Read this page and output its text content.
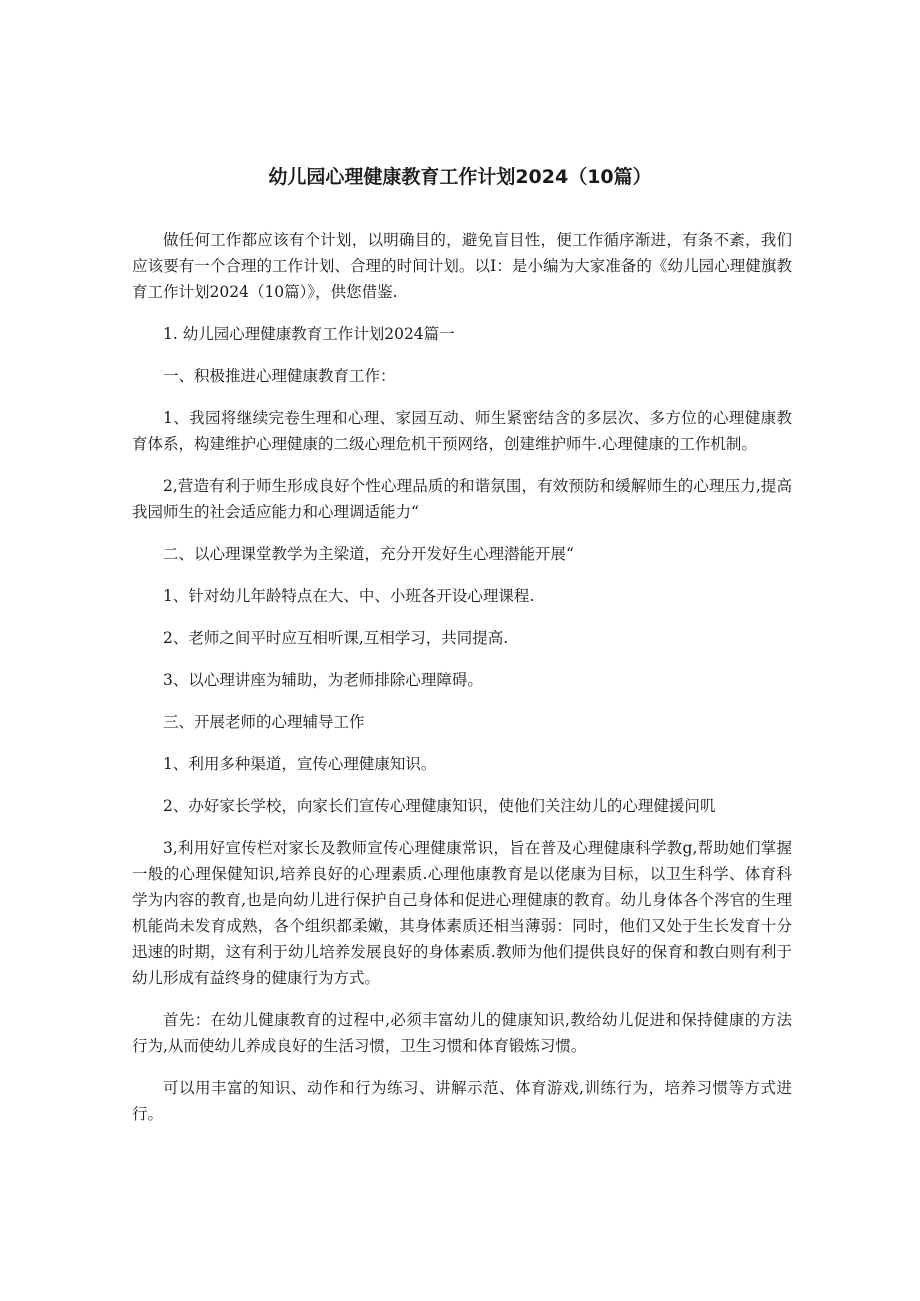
幼儿园心理健康教育工作计划2024（10篇）

做任何工作都应该有个计划，以明确目的，避免盲目性，便工作循序渐进，有条不紊，我们应该要有一个合理的工作计划、合理的时间计划。以I：是小编为大家准备的《幼儿园心理健旗教育工作计划2024（10篇）》，供您借鉴.

1. 幼儿园心理健康教育工作计划2024篇一

一、积极推进心理健康教育工作：

1、我园将继续完卷生理和心理、家园互动、师生紧密结含的多层次、多方位的心理健康教育体系，构建维护心理健康的二级心理危机干预网络，创建维护师牛.心理健康的工作机制。

2,营造有利于师生形成良好个性心理品质的和谐氛围，有效预防和缓解师生的心理压力,提高我园师生的社会适应能力和心理调适能力“

二、以心理课堂教学为主梁道，充分开发好生心理潜能开展“

1、针对幼儿年龄特点在大、中、小班各开设心理课程.

2、老师之间平时应互相听课,互相学习，共同提高.

3、以心理讲座为辅助，为老师排除心理障碍。

三、开展老师的心理辅导工作

1、利用多种渠道，宣传心理健康知识。

2、办好家长学校，向家长们宣传心理健康知识，使他们关注幼儿的心理健援问叽

3,利用好宣传栏对家长及教师宣传心理健康常识，旨在普及心理健康科学教g,帮助她们掌握一般的心理保健知识,培养良好的心理素质.心理他康教育是以佬康为目标，以卫生科学、体育科学为内容的教育,也是向幼儿进行保护自己身体和促进心理健康的教育。幼儿身体各个涔官的生理机能尚未发育成熟，各个组织都柔嫩，其身体素质还相当薄弱：同时，他们又处于生长发育十分迅速的时期，这有利于幼儿培养发展良好的身体素质.教师为他们提供良好的保育和教白则有利于幼儿形成有益终身的健康行为方式。

首先：在幼儿健康教育的过程中,必须丰富幼儿的健康知识,教给幼儿促进和保持健康的方法行为,从而使幼儿养成良好的生活习惯，卫生习惯和体育锻炼习惯。

可以用丰富的知识、动作和行为练习、讲解示范、体育游戏,训练行为，培养习惯等方式进行。
